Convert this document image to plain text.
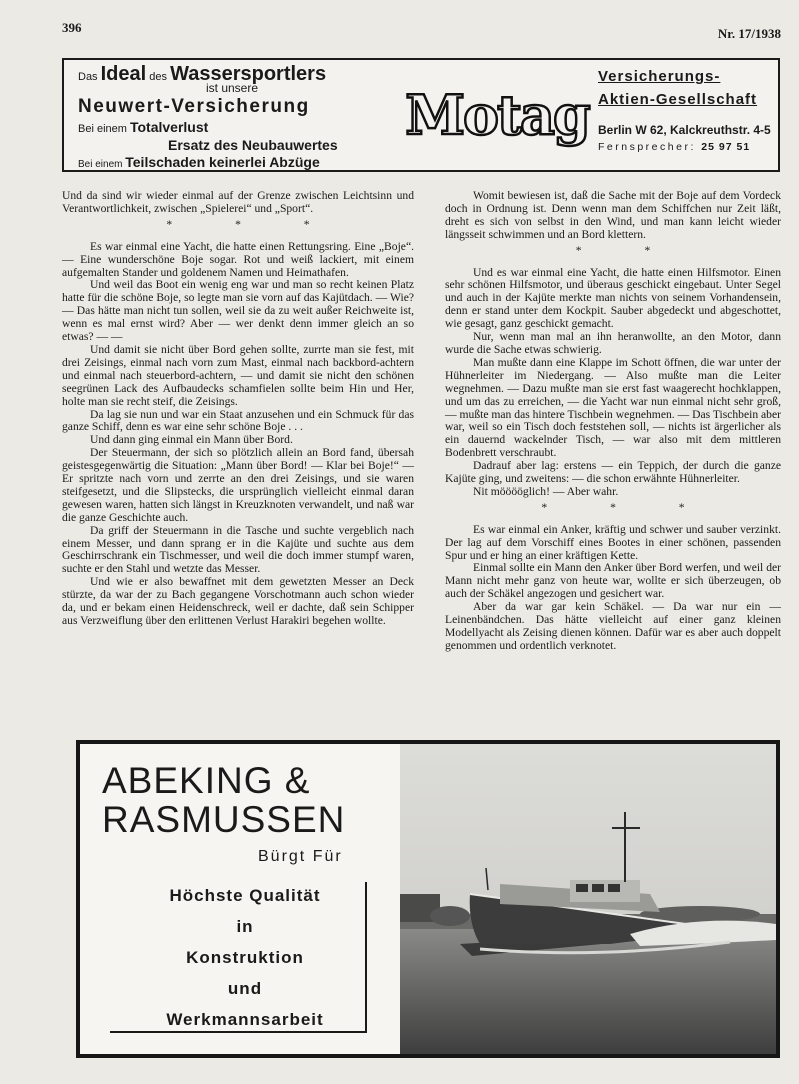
396	Nr. 17/1938
Das Ideal des Wassersportlers
ist unsere
Neuwert-Versicherung
Bei einem Totalverlust
Ersatz des Neubauwertes
Bei einem Teilschaden keinerlei Abzüge
Motag
Versicherungs-
Aktien-Gesellschaft
Berlin W 62, Kalckreuthstr. 4-5
Fernsprecher: 25 97 51

Und da sind wir wieder einmal auf der Grenze zwischen Leichtsinn und Verantwortlichkeit, zwischen „Spielerei“ und „Sport“.

* * *

Es war einmal eine Yacht, die hatte einen Rettungsring. Eine „Boje“. — Eine wunderschöne Boje sogar. Rot und weiß lackiert, mit einem aufgemalten Stander und goldenem Namen und Heimathafen.

Und weil das Boot ein wenig eng war und man so recht keinen Platz hatte für die schöne Boje, so legte man sie vorn auf das Kajütdach. — Wie? — Das hätte man nicht tun sollen, weil sie da zu weit außer Reichweite ist, wenn es mal ernst wird? Aber — wer denkt denn immer gleich an so etwas? — —

Und damit sie nicht über Bord gehen sollte, zurrte man sie fest, mit drei Zeisings, einmal nach vorn zum Mast, einmal nach backbord-achtern und einmal nach steuerbord-achtern, — und damit sie nicht den schönen seegrünen Lack des Aufbaudecks schamfielen sollte beim Hin und Her, holte man sie recht steif, die Zeisings.

Da lag sie nun und war ein Staat anzusehen und ein Schmuck für das ganze Schiff, denn es war eine sehr schöne Boje . . .

Und dann ging einmal ein Mann über Bord.

Der Steuermann, der sich so plötzlich allein an Bord fand, übersah geistesgegenwärtig die Situation: „Mann über Bord! — Klar bei Boje!“ — Er spritzte nach vorn und zerrte an den drei Zeisings, und sie waren steifgesetzt, und die Slipstecks, die ursprünglich vielleicht einmal daran gewesen waren, hatten sich längst in Kreuzknoten verwandelt, und naß war die ganze Geschichte auch.

Da griff der Steuermann in die Tasche und suchte vergeblich nach einem Messer, und dann sprang er in die Kajüte und suchte aus dem Geschirrschrank ein Tischmesser, und weil die doch immer stumpf waren, suchte er den Stahl und wetzte das Messer.

Und wie er also bewaffnet mit dem gewetzten Messer an Deck stürzte, da war der zu Bach gegangene Vorschotmann auch schon wieder da, und er bekam einen Heidenschreck, weil er dachte, daß sein Schipper aus Verzweiflung über den erlittenen Verlust Harakiri begehen wollte.

Womit bewiesen ist, daß die Sache mit der Boje auf dem Vordeck doch in Ordnung ist. Denn wenn man dem Schiffchen nur Zeit läßt, dreht es sich von selbst in den Wind, und man kann leicht wieder längsseit schwimmen und an Bord klettern.

* *

Und es war einmal eine Yacht, die hatte einen Hilfsmotor. Einen sehr schönen Hilfsmotor, und überaus geschickt eingebaut. Unter Segel und auch in der Kajüte merkte man nichts von seinem Vorhandensein, denn er stand unter dem Kockpit. Sauber abgedeckt und abgeschottet, wie gesagt, ganz geschickt gemacht.

Nur, wenn man mal an ihn heranwollte, an den Motor, dann wurde die Sache etwas schwierig.

Man mußte dann eine Klappe im Schott öffnen, die war unter der Hühnerleiter im Niedergang. — Also mußte man die Leiter wegnehmen. — Dazu mußte man sie erst fast waagerecht hochklappen, und um das zu erreichen, — die Yacht war nun einmal nicht sehr groß, — mußte man das hintere Tischbein wegnehmen. — Das Tischbein aber war, weil so ein Tisch doch feststehen soll, — nichts ist ärgerlicher als ein dauernd wackelnder Tisch, — war also mit dem mittleren Bodenbrett verschraubt.

Dadrauf aber lag: erstens — ein Teppich, der durch die ganze Kajüte ging, und zweitens: — die schon erwähnte Hühnerleiter.

Nit mööööglich! — Aber wahr.

* * *

Es war einmal ein Anker, kräftig und schwer und sauber verzinkt. Der lag auf dem Vorschiff eines Bootes in einer schönen, passenden Spur und er hing an einer kräftigen Kette.

Einmal sollte ein Mann den Anker über Bord werfen, und weil der Mann nicht mehr ganz von heute war, wollte er sich überzeugen, ob auch der Schäkel angezogen und gesichert war.

Aber da war gar kein Schäkel. — Da war nur ein — Leinenbändchen. Das hätte vielleicht auf einer ganz kleinen Modellyacht als Zeising dienen können. Dafür war es aber auch doppelt genommen und ordentlich verknotet.

ABEKING &
RASMUSSEN
Bürgt Für
Höchste Qualität
in
Konstruktion
und
Werkmannsarbeit
